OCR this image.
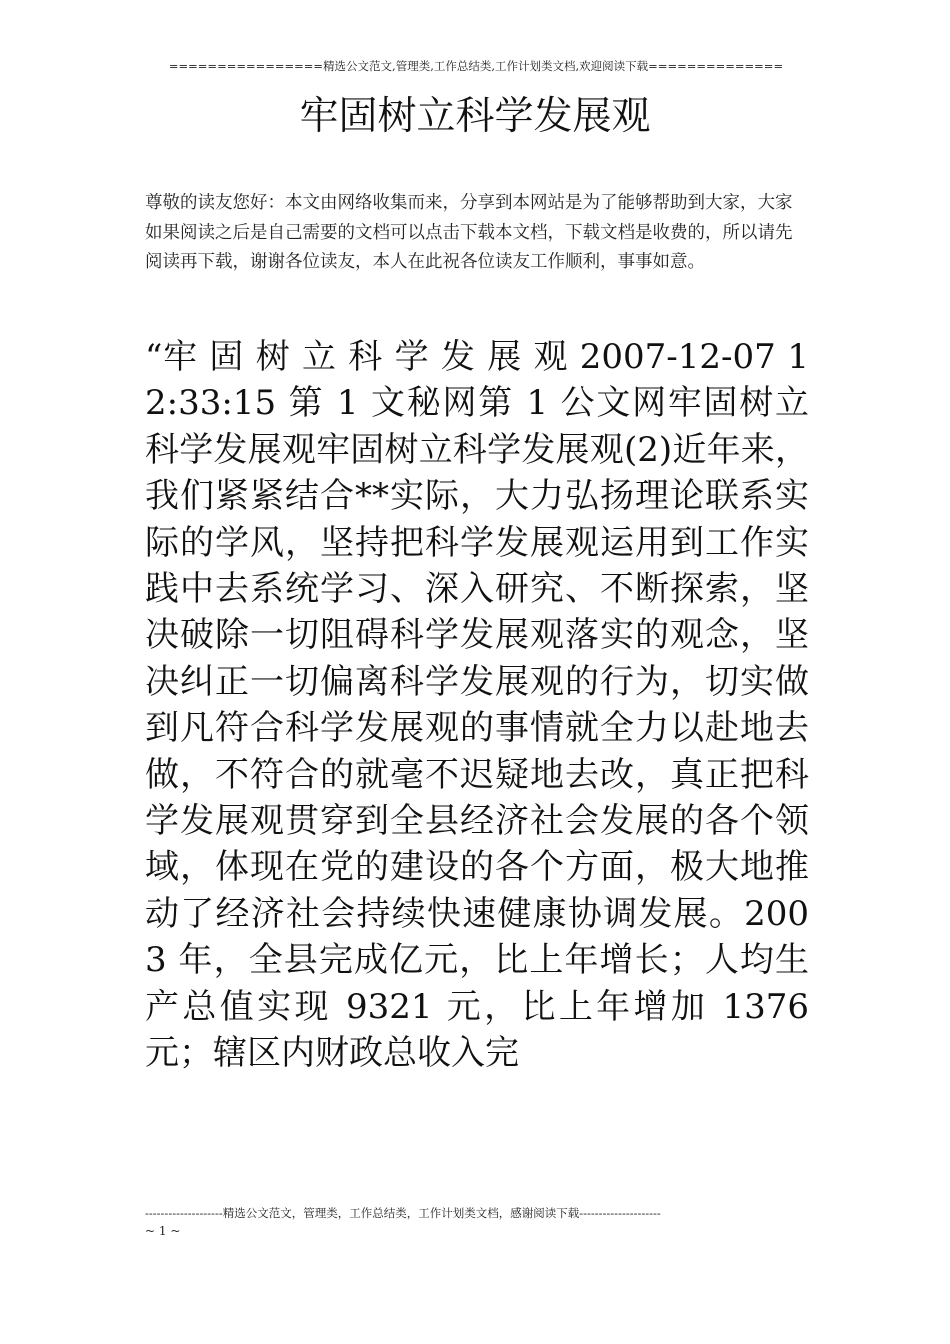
================精选公文范文,管理类,工作总结类,工作计划类文档,欢迎阅读下载==============
牢固树立科学发展观

尊敬的读友您好：本文由网络收集而来，分享到本网站是为了能够帮助到大家，大家如果阅读之后是自己需要的文档可以点击下载本文档，下载文档是收费的，所以请先阅读再下载，谢谢各位读友，本人在此祝各位读友工作顺利，事事如意。

“牢 固 树 立 科 学 发 展 观 2007-12-07 12:33:15 第 1 文秘网第 1 公文网牢固树立科学发展观牢固树立科学发展观(2)近年来，我们紧紧结合**实际，大力弘扬理论联系实际的学风，坚持把科学发展观运用到工作实践中去系统学习、深入研究、不断探索，坚决破除一切阻碍科学发展观落实的观念，坚决纠正一切偏离科学发展观的行为，切实做到凡符合科学发展观的事情就全力以赴地去做，不符合的就毫不迟疑地去改，真正把科学发展观贯穿到全县经济社会发展的各个领域，体现在党的建设的各个方面，极大地推动了经济社会持续快速健康协调发展。2003 年，全县完成亿元，比上年增长；人均生产总值实现 9321 元，比上年增加 1376 元；辖区内财政总收入完

--------------------精选公文范文，管理类，工作总结类，工作计划类文档，感谢阅读下载---------------------
~ 1 ~
